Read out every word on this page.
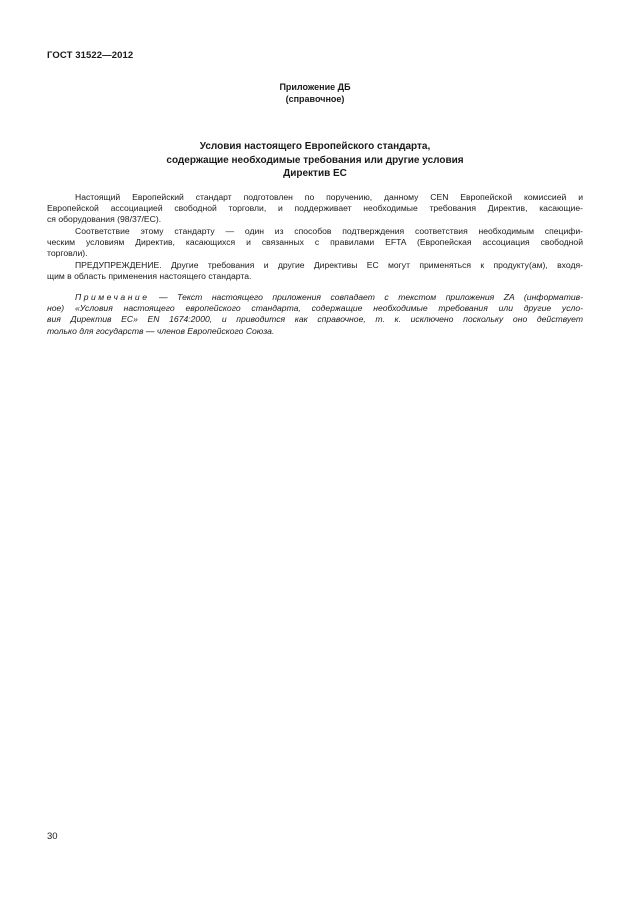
ГОСТ 31522—2012
Приложение ДБ
(справочное)
Условия настоящего Европейского стандарта,
содержащие необходимые требования или другие условия
Директив ЕС
Настоящий Европейский стандарт подготовлен по поручению, данному CEN Европейской комиссией и
Европейской ассоциацией свободной торговли, и поддерживает необходимые требования Директив, касающие-
ся оборудования (98/37/ЕС).
Соответствие этому стандарту — один из способов подтверждения соответствия необходимым специфи-
ческим условиям Директив, касающихся и связанных с правилами EFTA (Европейская ассоциация свободной
торговли).
ПРЕДУПРЕЖДЕНИЕ. Другие требования и другие Директивы ЕС могут применяться к продукту(ам), входя-
щим в область применения настоящего стандарта.
Примечание — Текст настоящего приложения совпадает с текстом приложения ZA (информатив-
ное) «Условия настоящего европейского стандарта, содержащие необходимые требования или другие усло-
вия Директив ЕС» EN 1674:2000, и приводится как справочное, т. к. исключено поскольку оно действует
только для государств — членов Европейского Союза.
30
